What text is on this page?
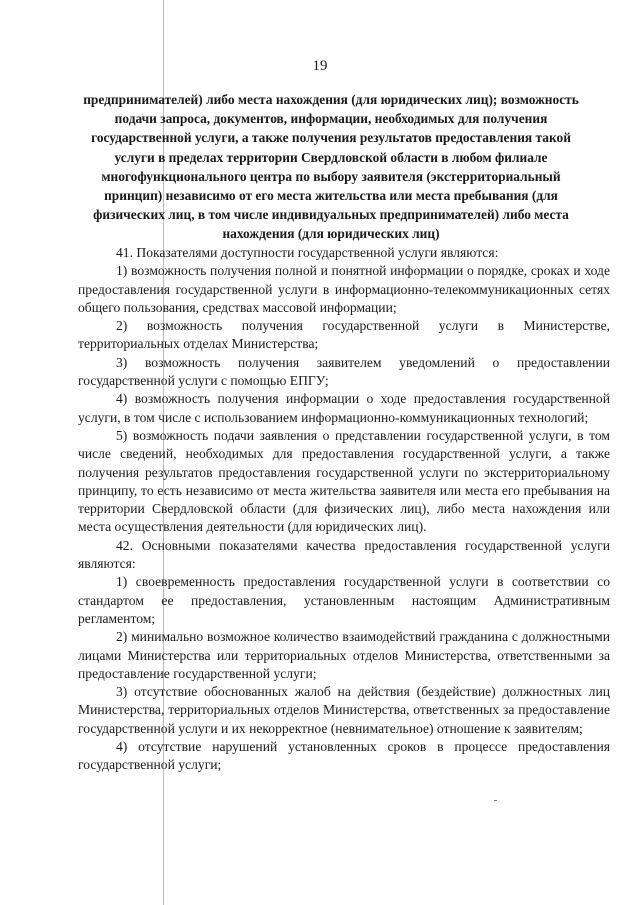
19
предпринимателей) либо места нахождения (для юридических лиц); возможность подачи запроса, документов, информации, необходимых для получения государственной услуги, а также получения результатов предоставления такой услуги в пределах территории Свердловской области в любом филиале многофункционального центра по выбору заявителя (экстерриториальный принцип) независимо от его места жительства или места пребывания (для физических лиц, в том числе индивидуальных предпринимателей) либо места нахождения (для юридических лиц)

41. Показателями доступности государственной услуги являются:

1) возможность получения полной и понятной информации о порядке, сроках и ходе предоставления государственной услуги в информационно-телекоммуникационных сетях общего пользования, средствах массовой информации;

2) возможность получения государственной услуги в Министерстве, территориальных отделах Министерства;

3) возможность получения заявителем уведомлений о предоставлении государственной услуги с помощью ЕПГУ;

4) возможность получения информации о ходе предоставления государственной услуги, в том числе с использованием информационно-коммуникационных технологий;

5) возможность подачи заявления о представлении государственной услуги, в том числе сведений, необходимых для предоставления государственной услуги, а также получения результатов предоставления государственной услуги по экстерриториальному принципу, то есть независимо от места жительства заявителя или места его пребывания на территории Свердловской области (для физических лиц), либо места нахождения или места осуществления деятельности (для юридических лиц).

42. Основными показателями качества предоставления государственной услуги являются:

1) своевременность предоставления государственной услуги в соответствии со стандартом ее предоставления, установленным настоящим Административным регламентом;

2) минимально возможное количество взаимодействий гражданина с должностными лицами Министерства или территориальных отделов Министерства, ответственными за предоставление государственной услуги;

3) отсутствие обоснованных жалоб на действия (бездействие) должностных лиц Министерства, территориальных отделов Министерства, ответственных за предоставление государственной услуги и их некорректное (невнимательное) отношение к заявителям;

4) отсутствие нарушений установленных сроков в процессе предоставления государственной услуги;
